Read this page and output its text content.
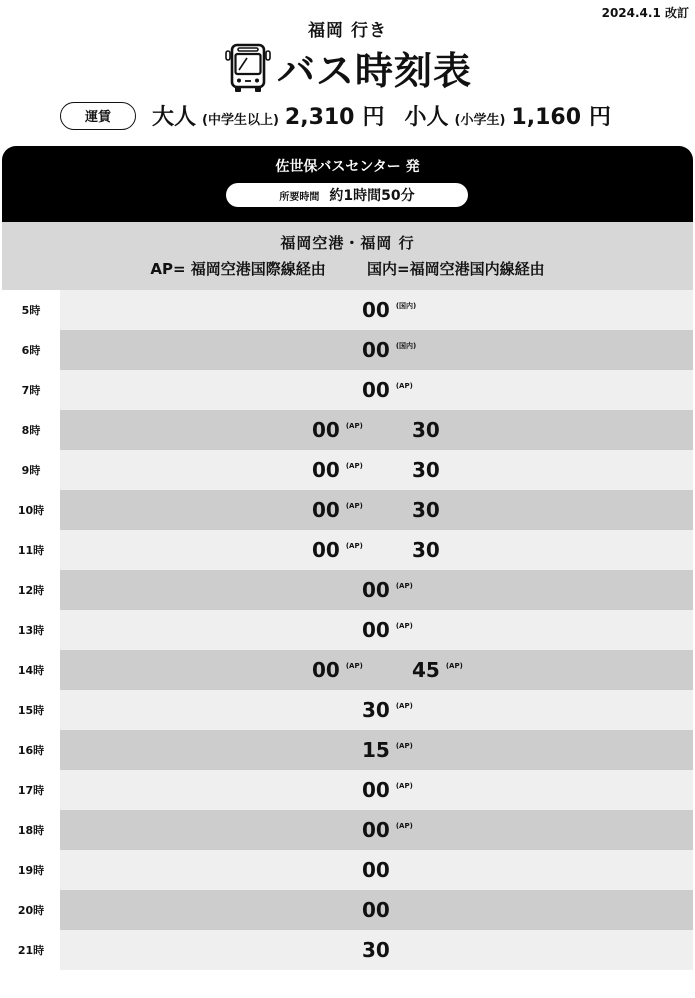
2024.4.1 改訂
福岡 行き
バス時刻表
運賃	大人 (中学生以上) 2,310 円 小人 (小学生) 1,160 円
佐世保バスセンター 発
所要時間 約1時間50分
福岡空港・福岡 行
AP= 福岡空港国際線経由	国内=福岡空港国内線経由
5時	00 (国内)
6時	00 (国内)
7時	00 (AP)
8時	00 (AP) 30
9時	00 (AP) 30
10時	00 (AP) 30
11時	00 (AP) 30
12時	00 (AP)
13時	00 (AP)
14時	00 (AP) 45 (AP)
15時	30 (AP)
16時	15 (AP)
17時	00 (AP)
18時	00 (AP)
19時	00
20時	00
21時	30
